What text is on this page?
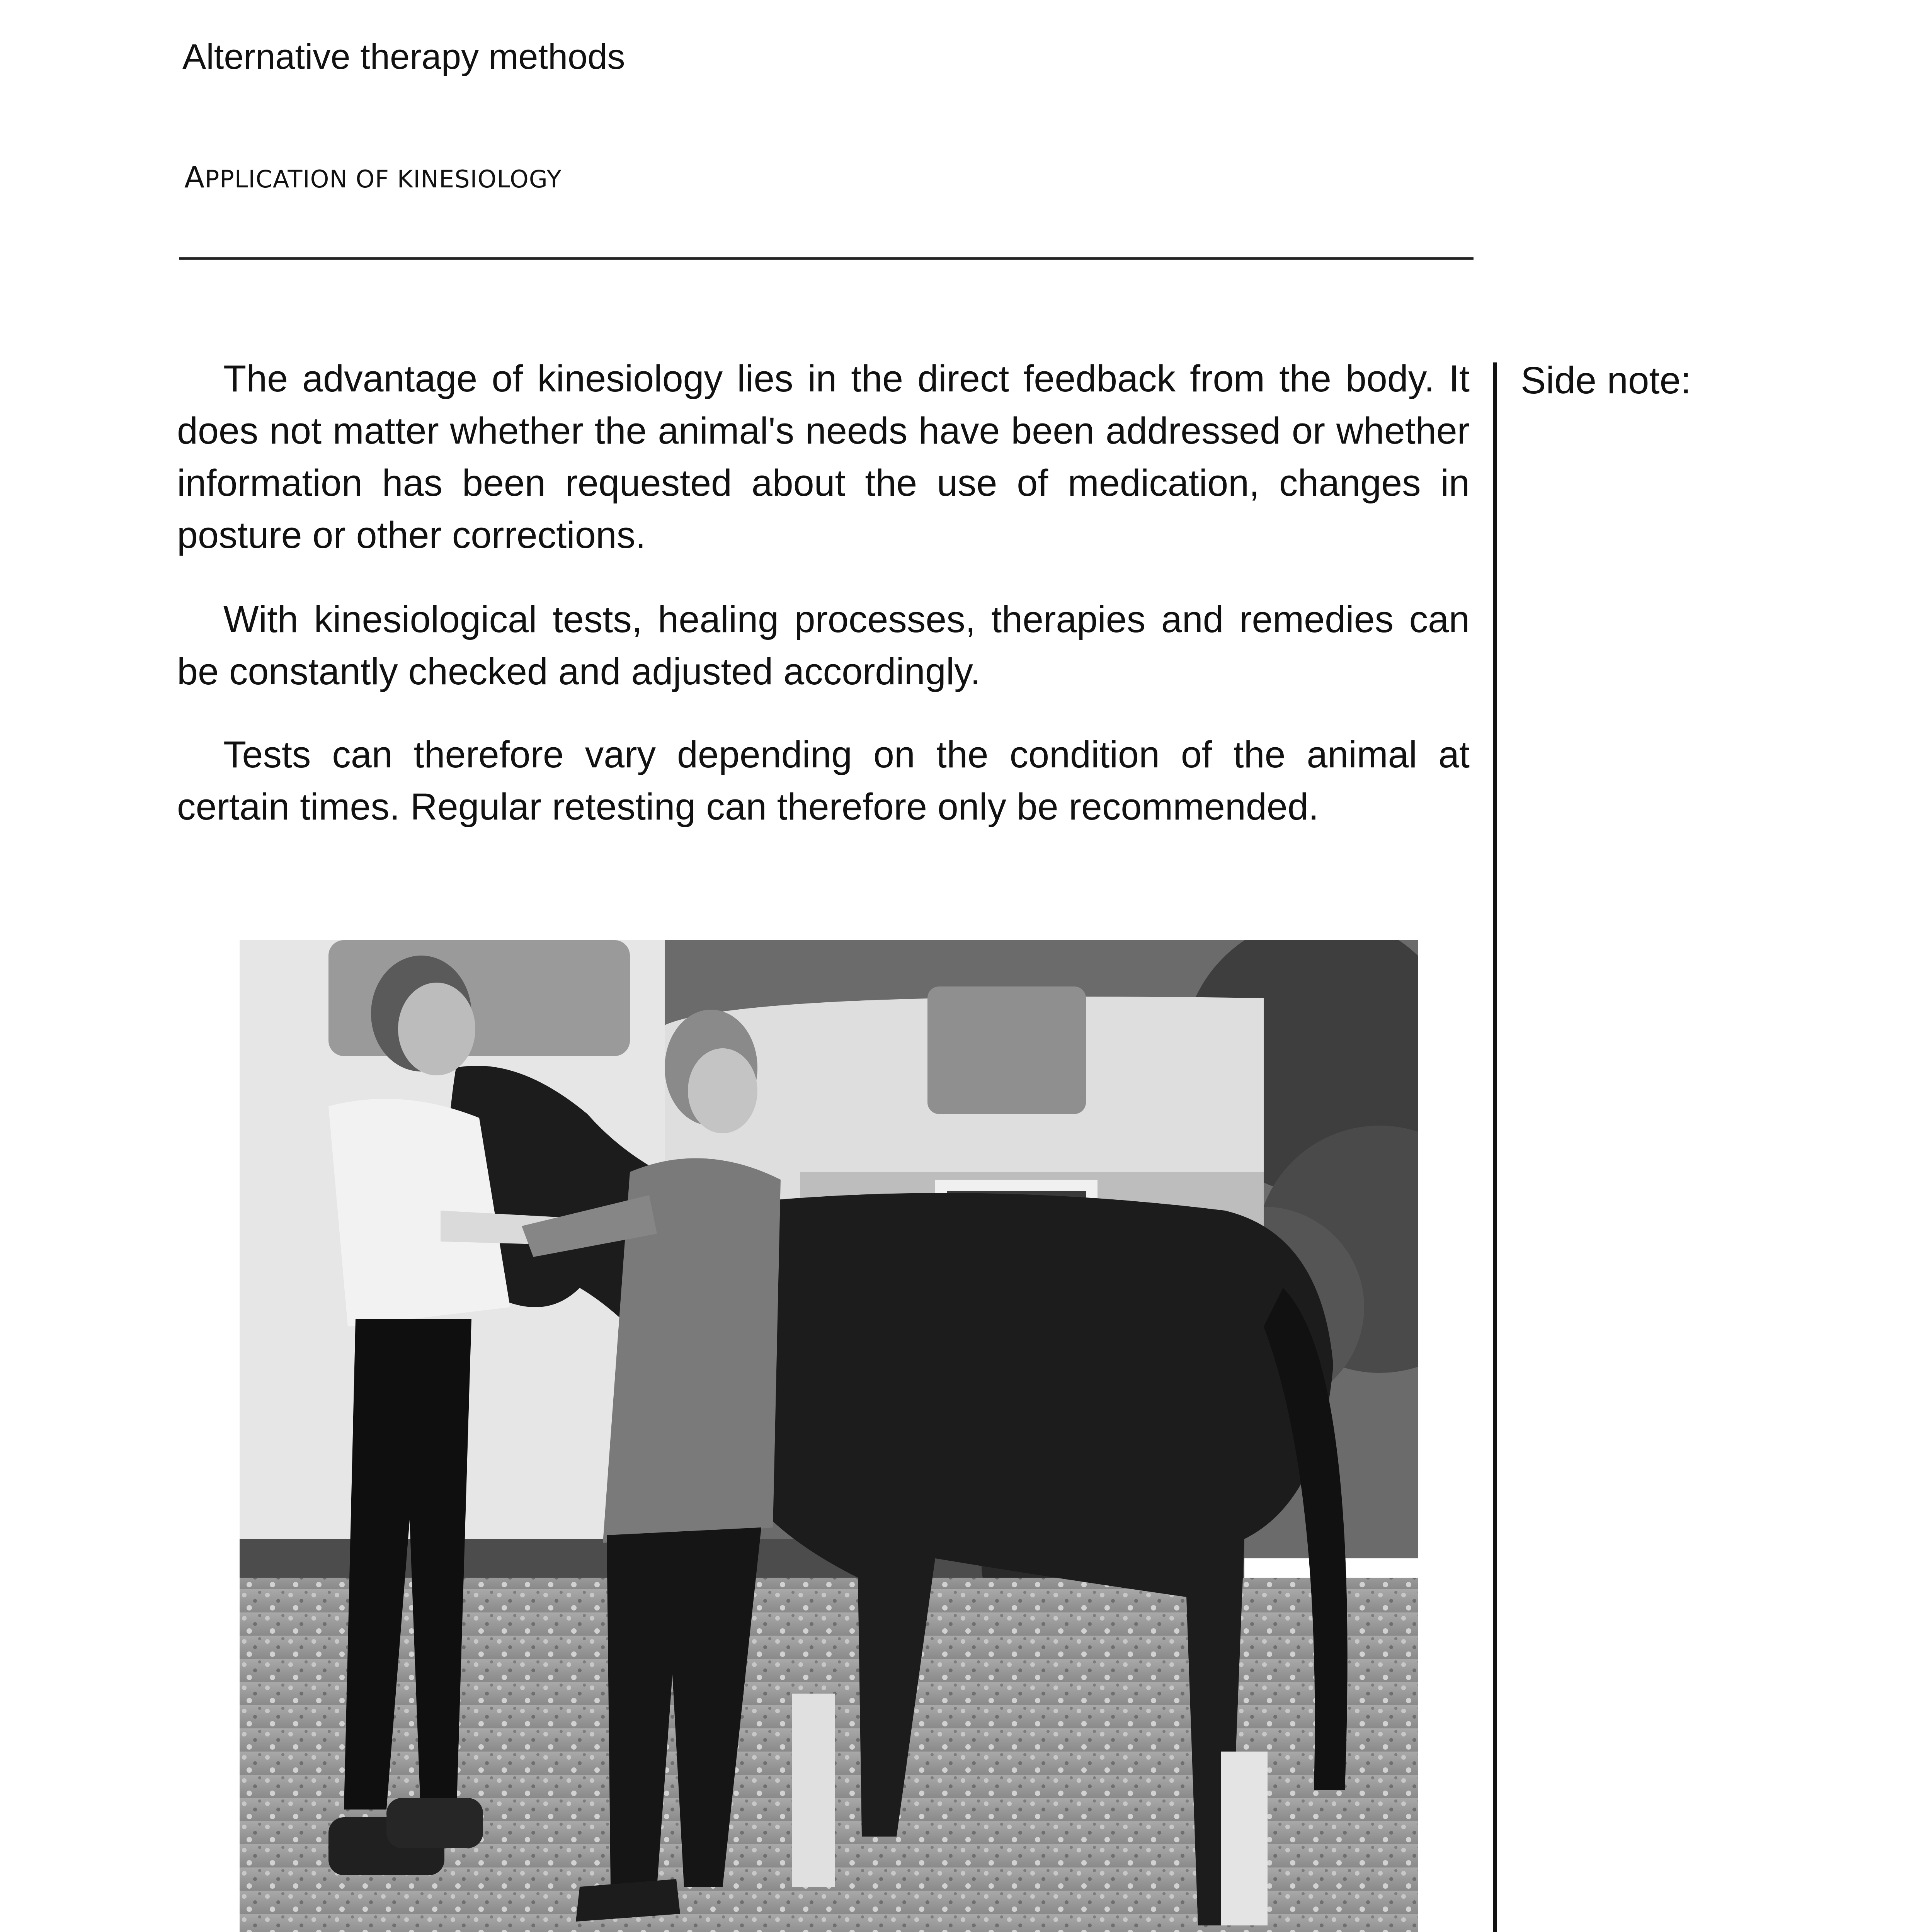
Alternative therapy methods
APPLICATION OF KINESIOLOGY
Side note:

The advantage of kinesiology lies in the direct feedback from the body. It does not matter whether the animal's needs have been addressed or whether information has been requested about the use of medication, changes in posture or other corrections.

With kinesiological tests, healing processes, therapies and remedies can be constantly checked and adjusted accordingly.

Tests can therefore vary depending on the condition of the animal at certain times. Regular retesting can therefore only be recommended.
